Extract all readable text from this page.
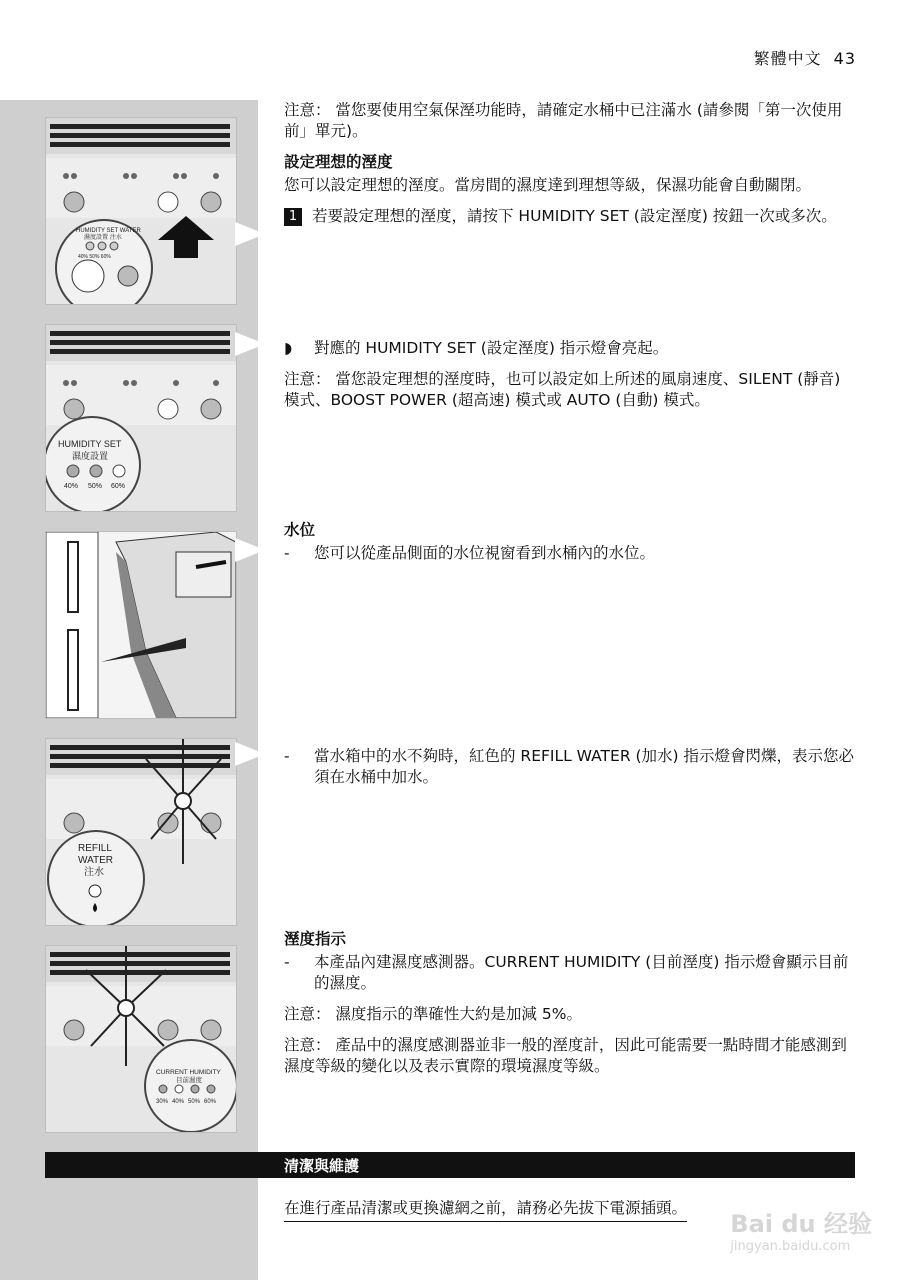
繁體中文 43
HUMIDITY SET WATER
濕度設置 注水
40% 50% 60%

注意： 當您要使用空氣保溼功能時，請確定水桶中已注滿水 (請參閱「第一次使用前」單元)。

設定理想的溼度

您可以設定理想的溼度。當房間的濕度達到理想等級，保濕功能會自動關閉。

1 若要設定理想的溼度，請按下 HUMIDITY SET (設定溼度) 按鈕一次或多次。
HUMIDITY SET
濕度設置
40% 50% 60%
◗	對應的 HUMIDITY SET (設定溼度) 指示燈會亮起。

注意： 當您設定理想的溼度時，也可以設定如上所述的風扇速度、SILENT (靜音) 模式、BOOST POWER (超高速) 模式或 AUTO (自動) 模式。

水位

-	您可以從產品側面的水位視窗看到水桶內的水位。
REFILL
WATER
注水
-	當水箱中的水不夠時，紅色的 REFILL WATER (加水) 指示燈會閃爍，表示您必須在水桶中加水。
CURRENT HUMIDITY
目前濕度
30% 40% 50% 60%

溼度指示

-	本產品內建濕度感測器。CURRENT HUMIDITY (目前溼度) 指示燈會顯示目前的濕度。

注意： 濕度指示的準確性大約是加減 5%。

注意： 產品中的濕度感測器並非一般的溼度計，因此可能需要一點時間才能感測到濕度等級的變化以及表示實際的環境濕度等級。

清潔與維護
在進行產品清潔或更換濾網之前，請務必先拔下電源插頭。
Bai du 经验
jingyan.baidu.com
